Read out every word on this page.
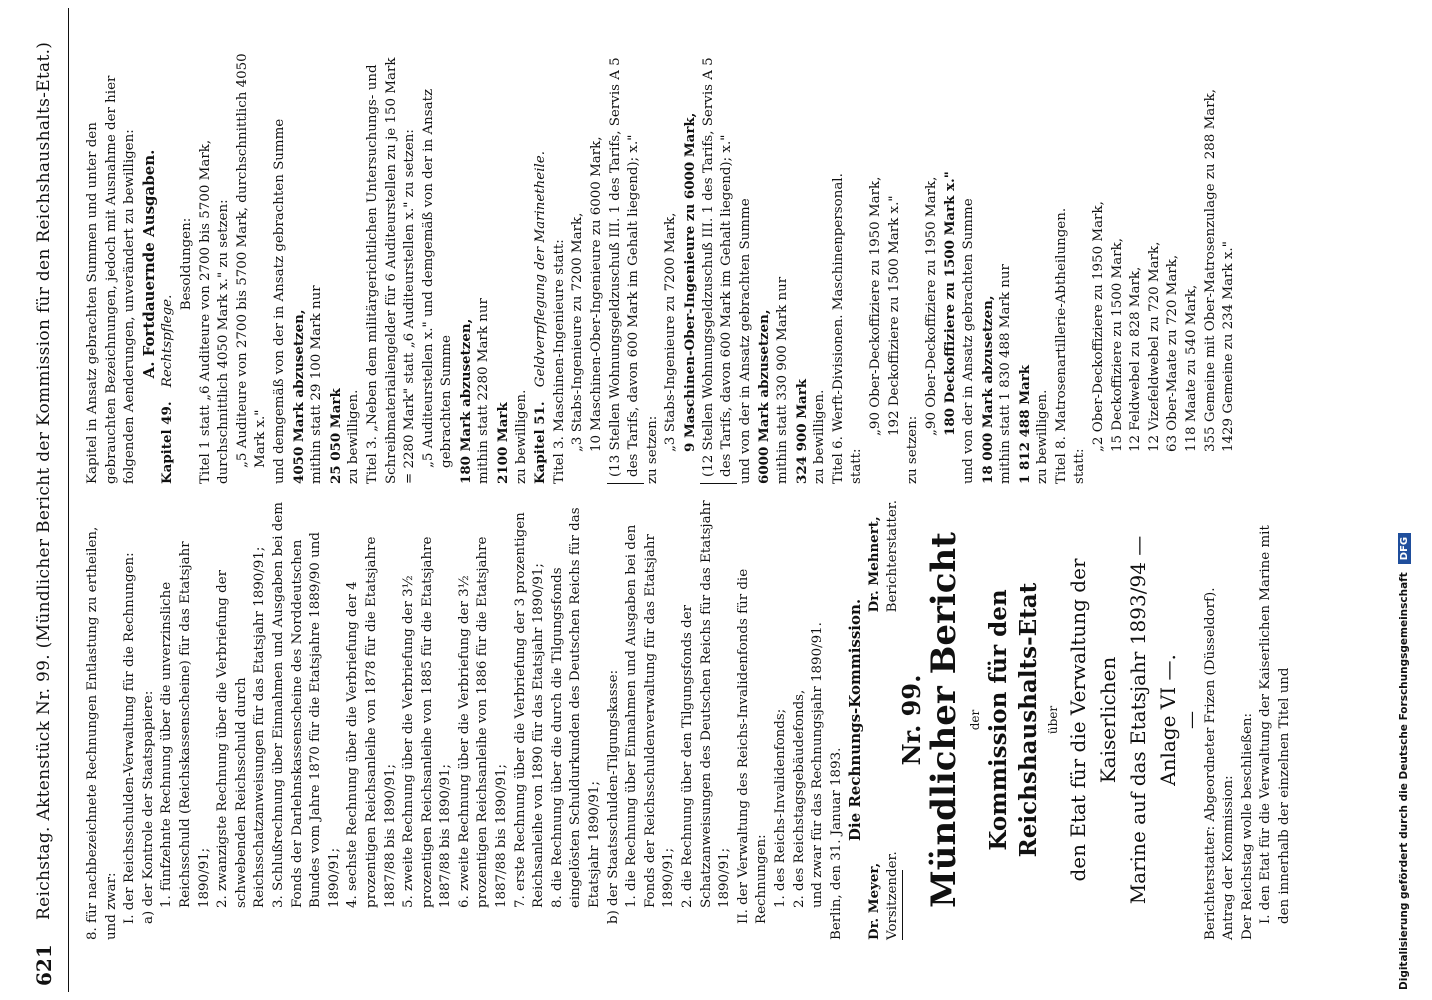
621
Reichstag. Aktenstück Nr. 99. (Mündlicher Bericht der Kommission für den Reichshaushalts-Etat.) 8. für nachbezeichnete Rechnungen Entlastung zu ertheilen, und zwar: I. der Reichsschulden-Verwaltung für die Rechnungen: a) der Kontrole der Staatspapiere: 1. fünfzehnte Rechnung über die unverzinsliche Reichsschuld (Reichskassenscheine) für das Etatsjahr 1890/91; 2. zwanzigste Rechnung über die Verbriefung der schwebenden Reichsschuld durch Reichsschatzanweisungen für das Etatsjahr 1890/91; 3. Schlußrechnung über Einnahmen und Ausgaben bei dem Fonds der Darlehnskassenscheine des Norddeutschen Bundes vom Jahre 1870 für die Etatsjahre 1889/90 und 1890/91; 4. sechste Rechnung über die Verbriefung der 4 prozentigen Reichsanleihe von 1878 für die Etatsjahre 1887/88 bis 1890/91; 5. zweite Rechnung über die Verbriefung der 3½ prozentigen Reichsanleihe von 1885 für die Etatsjahre 1887/88 bis 1890/91; 6. zweite Rechnung über die Verbriefung der 3½ prozentigen Reichsanleihe von 1886 für die Etatsjahre 1887/88 bis 1890/91; 7. erste Rechnung über die Verbriefung der 3 prozentigen Reichsanleihe von 1890 für das Etatsjahr 1890/91; 8. die Rechnung über die durch die Tilgungsfonds eingelösten Schuldurkunden des Deutschen Reichs für das Etatsjahr 1890/91; b) der Staatsschulden-Tilgungskasse: 1. die Rechnung über Einnahmen und Ausgaben bei den Fonds der Reichsschuldenverwaltung für das Etatsjahr 1890/91; 2. die Rechnung über den Tilgungsfonds der Schatzanweisungen des Deutschen Reichs für das Etatsjahr 1890/91; II. der Verwaltung des Reichs-Invalidenfonds für die Rechnungen: 1. des Reichs-Invalidenfonds; 2. des Reichstagsgebäudefonds, und zwar für das Rechnungsjahr 1890/91. Berlin, den 31. Januar 1893.

Die Rechnungs-Kommission.

Dr. Meyer, Vorsitzender.
Dr. Mehnert, Berichterstatter.
Nr. 99.
Mündlicher Bericht der Kommission für den Reichshaushalts-Etat über den Etat für die Verwaltung der Kaiserlichen Marine auf das Etatsjahr 1893/94 — Anlage VI —. — Berichterstatter: Abgeordneter Frizen (Düsseldorf). Antrag der Kommission: Der Reichstag wolle beschließen: I. den Etat für die Verwaltung der Kaiserlichen Marine mit den innerhalb der einzelnen Titel und

Kapitel in Ansatz gebrachten Summen und unter den gebrauchten Bezeichnungen, jedoch mit Ausnahme der hier folgenden Aenderungen, unverändert zu bewilligen: A. Fortdauernde Ausgaben.

Kapitel 49. Rechtspflege.

Besoldungen: Titel 1 statt „6 Auditeure von 2700 bis 5700 Mark, durchschnittlich 4050 Mark x." zu setzen: „5 Auditeure von 2700 bis 5700 Mark, durchschnittlich 4050 Mark x." und demgemäß von der in Ansatz gebrachten Summe 4050 Mark abzusetzen, mithin statt 29 100 Mark nur 25 050 Mark zu bewilligen. Titel 3. „Neben dem militärgerichtlichen Untersuchungs- und Schreibmaterialiengelder für 6 Auditeurstellen zu je 150 Mark = 2280 Mark" statt „6 Auditeurstellen x." zu setzen: „5 Auditeurstellen x." und demgemäß von der in Ansatz gebrachten Summe 180 Mark abzusetzen, mithin statt 2280 Mark nur 2100 Mark zu bewilligen. Kapitel 51. Geldverpflegung der Marinetheile. Titel 3. Maschinen-Ingenieure statt: „3 Stabs-Ingenieure zu 7200 Mark, 10 Maschinen-Ober-Ingenieure zu 6000 Mark, (13 Stellen Wohnungsgeldzuschuß III. 1 des Tarifs, Servis A 5 des Tarifs, davon 600 Mark im Gehalt liegend); x." zu setzen: „3 Stabs-Ingenieure zu 7200 Mark, 9 Maschinen-Ober-Ingenieure zu 6000 Mark, (12 Stellen Wohnungsgeldzuschuß III. 1 des Tarifs, Servis A 5 des Tarifs, davon 600 Mark im Gehalt liegend); x." und von der in Ansatz gebrachten Summe 6000 Mark abzusetzen, mithin statt 330 900 Mark nur 324 900 Mark zu bewilligen. Titel 6. Werft-Divisionen. Maschinenpersonal. statt:

„90 Ober-Deckoffiziere zu 1950 Mark, 192 Deckoffiziere zu 1500 Mark x."

zu setzen:

„90 Ober-Deckoffiziere zu 1950 Mark, 180 Deckoffiziere zu 1500 Mark x." und von der in Ansatz gebrachten Summe 18 000 Mark abzusetzen, mithin statt 1 830 488 Mark nur 1 812 488 Mark zu bewilligen. Titel 8. Matrosenartillerie-Abtheilungen. statt:

„2 Ober-Deckoffiziere zu 1950 Mark, 15 Deckoffiziere zu 1500 Mark, 12 Feldwebel zu 828 Mark, 12 Vizefeldwebel zu 720 Mark, 63 Ober-Maate zu 720 Mark, 118 Maate zu 540 Mark, 355 Gemeine mit Ober-Matrosenzulage zu 288 Mark, 1429 Gemeine zu 234 Mark x."

Digitalisierung gefördert durch die Deutsche Forschungsgemeinschaft
DFG
